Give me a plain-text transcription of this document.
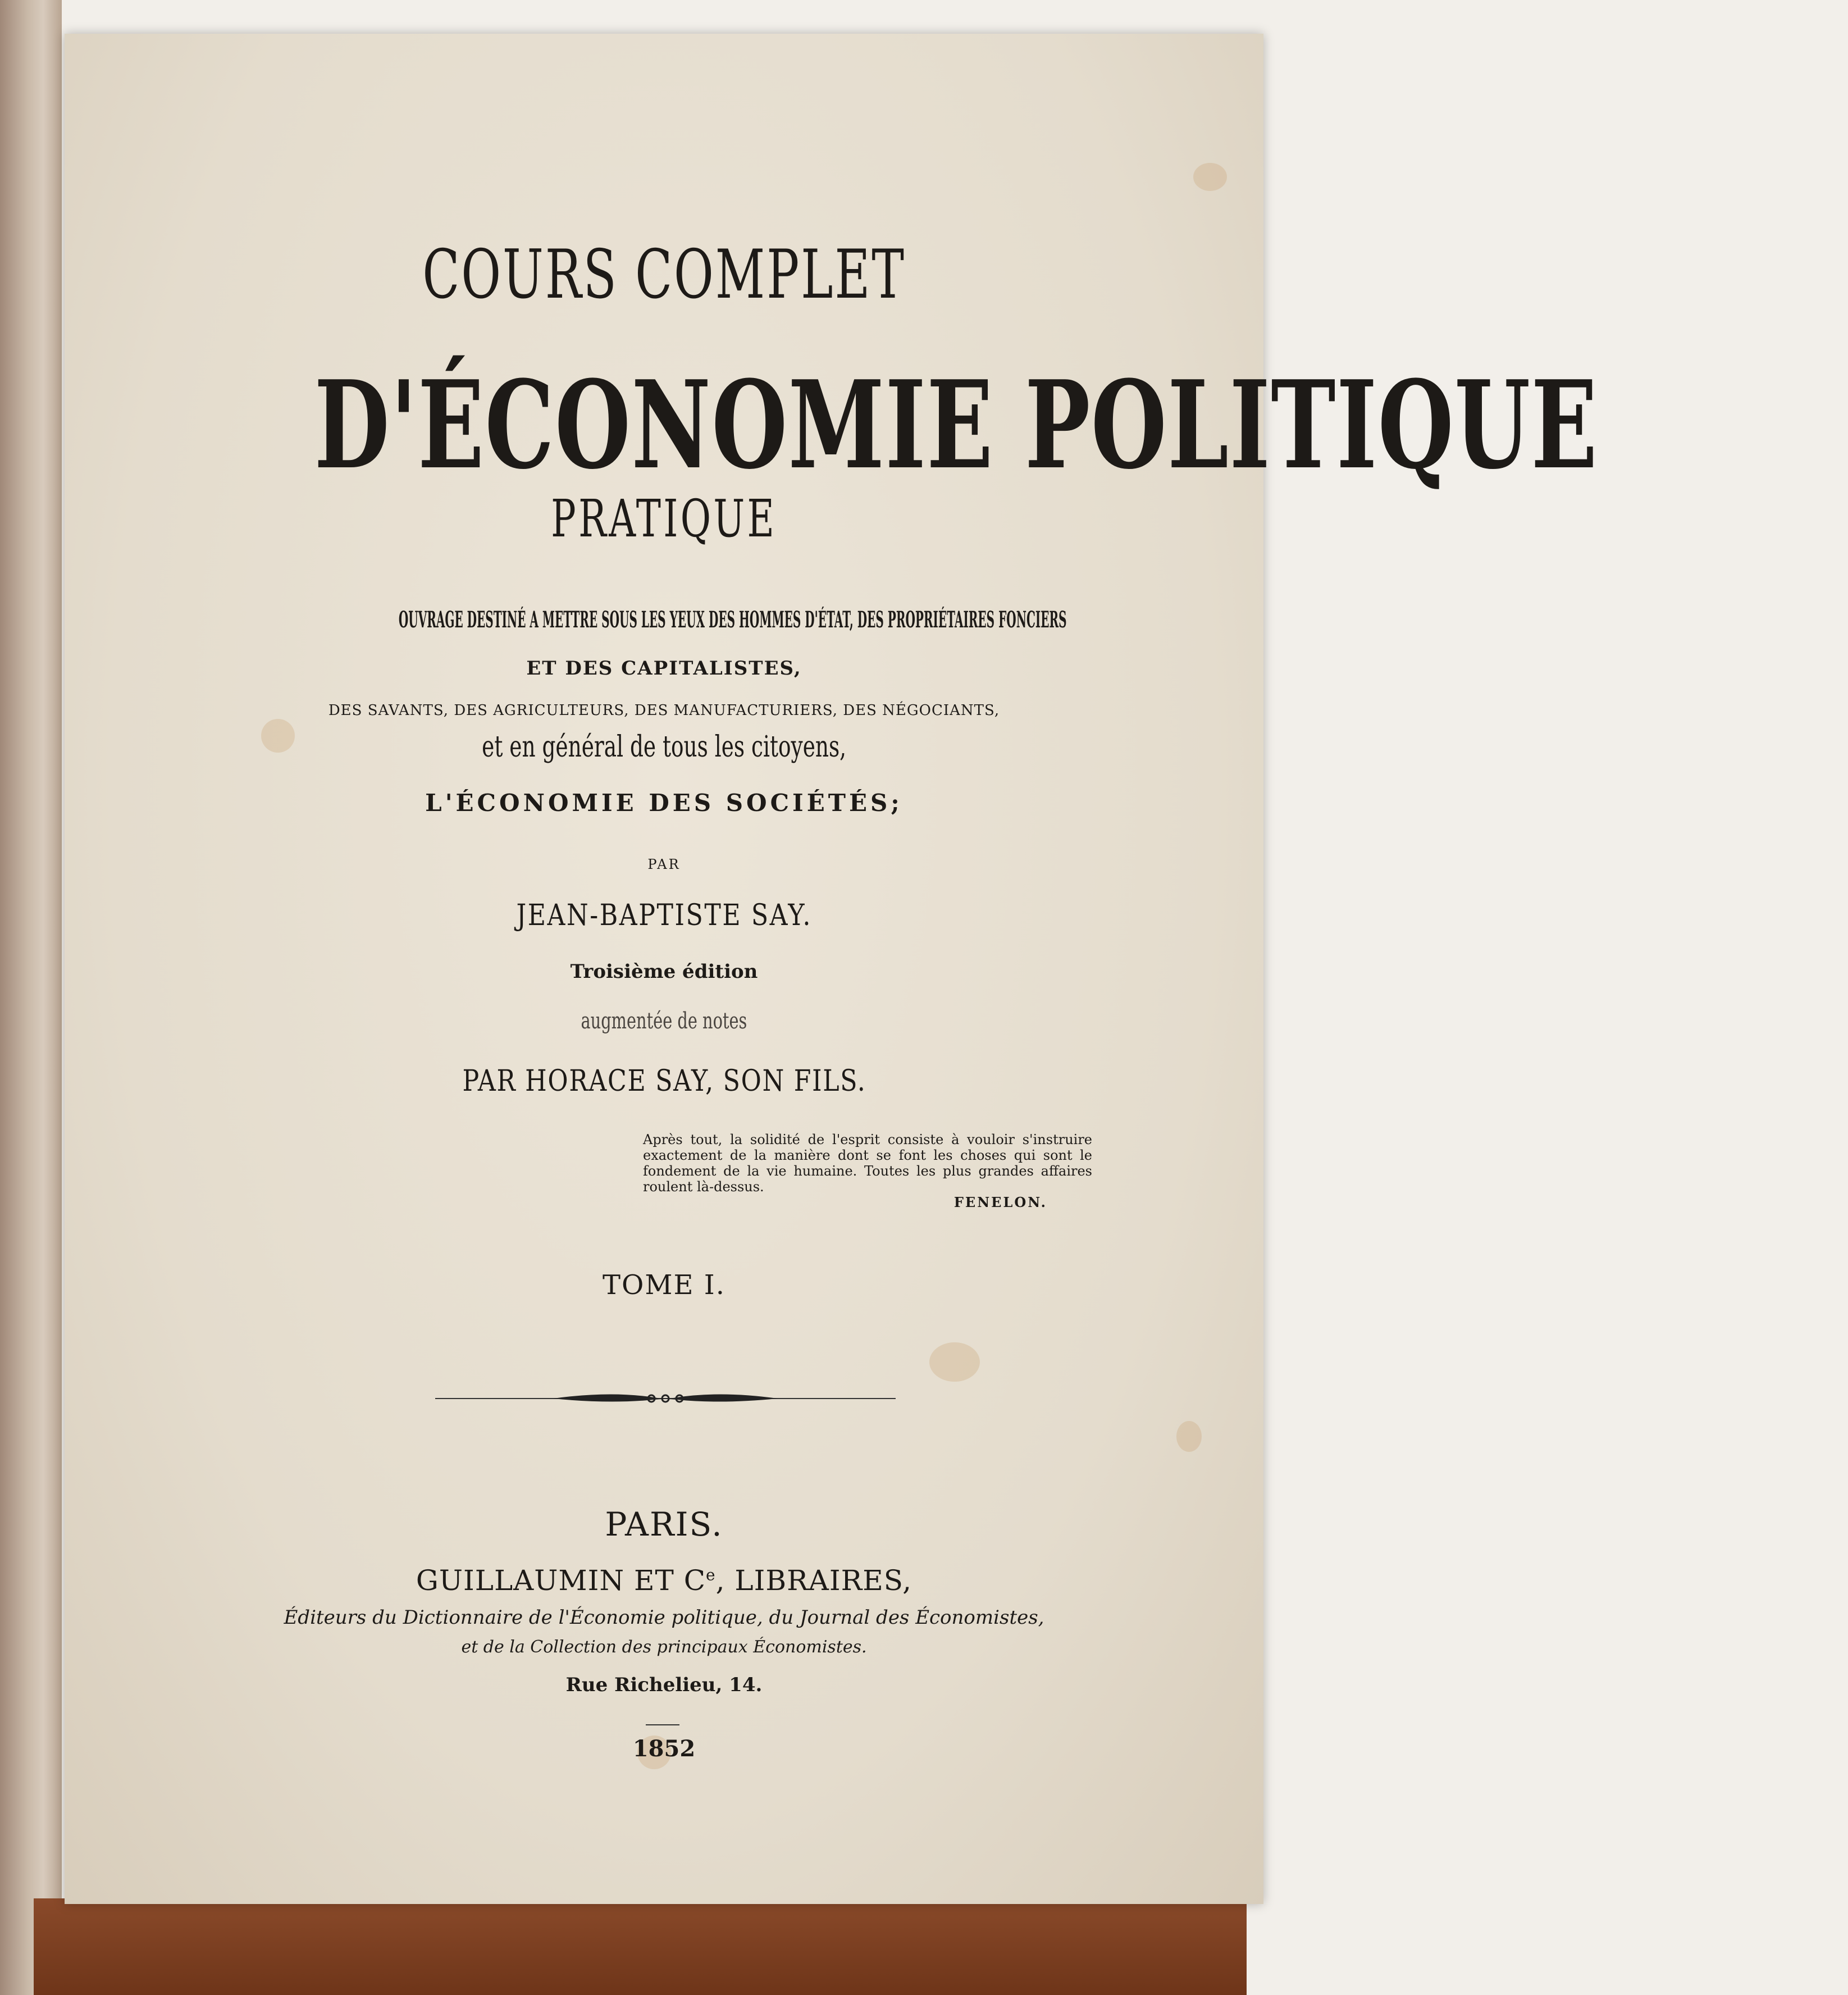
COURS COMPLET
D'ÉCONOMIE POLITIQUE
PRATIQUE
OUVRAGE DESTINÉ A METTRE SOUS LES YEUX DES HOMMES D'ÉTAT, DES PROPRIÉTAIRES FONCIERS
ET DES CAPITALISTES,
DES SAVANTS, DES AGRICULTEURS, DES MANUFACTURIERS, DES NÉGOCIANTS,
et en général de tous les citoyens,
L'ÉCONOMIE DES SOCIÉTÉS;
PAR
JEAN-BAPTISTE SAY.
Troisième édition
augmentée de notes
PAR HORACE SAY, SON FILS.
Après tout, la solidité de l'esprit consiste à vouloir s'instruire exactement de la manière dont se font les choses qui sont le fondement de la vie humaine. Toutes les plus grandes affaires roulent là-dessus.
FENELON.
TOME I.
PARIS.
GUILLAUMIN ET Ce, LIBRAIRES,
Éditeurs du Dictionnaire de l'Économie politique, du Journal des Économistes,
et de la Collection des principaux Économistes.
Rue Richelieu, 14.
1852
